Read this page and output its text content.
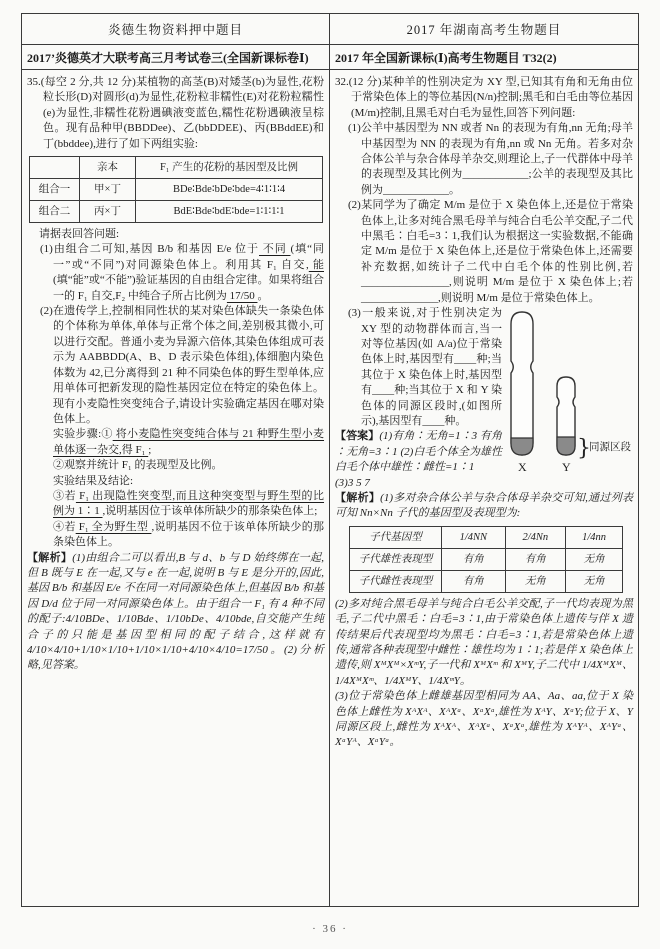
炎德生物资料押中题目	2017 年湖南高考生物题目
2017’炎德英才大联考高三月考试卷三(全国新课标卷Ⅰ) 2017 年全国新课标(Ⅰ)高考生物题目 T32(2)
35.(每空 2 分,共 12 分)某植物的高茎(B)对矮茎(b)为显性,花粉粒长形(D)对圆形(d)为显性,花粉粒非糯性(E)对花粉粒糯性(e)为显性,非糯性花粉遇碘液变蓝色,糯性花粉遇碘液呈棕色。现有品种甲(BBDDee)、乙(bbDDEE)、丙(BBddEE)和丁(bbddee),进行了如下两组实验:
	亲本	F₁ 产生的花粉的基因型及比例
组合一	甲×丁	BDe∶Bde∶bDe∶bde=4∶1∶1∶4
组合二	丙×丁	BdE∶Bde∶bdE∶bde=1∶1∶1∶1
请据表回答问题:
(1)由组合二可知,基因 B/b 和基因 E/e 位于 不同 (填“同一”或“不同”)对同源染色体上。利用其 F₁ 自交, 能 (填“能”或“不能”)验证基因的自由组合定律。如果将组合一的 F₁ 自交,F₂ 中纯合子所占比例为 17/50 。
(2)在遗传学上,控制相同性状的某对染色体缺失一条染色体的个体称为单体,单体与正常个体之间,差别极其微小,可以进行交配。普通小麦为异源六倍体,其染色体组成可表示为 AABBDD(A、B、D 表示染色体组),体细胞内染色体数为 42,已分离得到 21 种不同染色体的野生型单体,应用单体可把新发现的隐性基因定位在特定的染色体上。现有小麦隐性突变纯合子,请设计实验确定基因在哪对染色体上。
实验步骤:① 将小麦隐性突变纯合体与 21 种野生型小麦单体逐一杂交,得 F₁ ;
②观察并统计 F₁ 的表现型及比例。
实验结果及结论:
③若 F₁ 出现隐性突变型,而且这种突变型与野生型的比例为 1∶1 ,说明基因位于该单体所缺少的那条染色体上;
④若 F₁ 全为野生型 ,说明基因不位于该单体所缺少的那条染色体上。
【解析】(1)由组合二可以看出,B 与 d、b 与 D 始终绑在一起,但 B 既与 E 在一起,又与 e 在一起,说明 B 与 E 是分开的,因此,基因 B/b 和基因 E/e 不在同一对同源染色体上,但基因 B/b 和基因 D/d 位于同一对同源染色体上。由于组合一 F₁ 有 4 种不同的配子:4/10BDe、1/10Bde、1/10bDe、4/10bde,自交能产生纯合子的只能是基因型相同的配子结合,这样就有 4/10×4/10+1/10×1/10+1/10×1/10+4/10×4/10=17/50。(2)分析略,见答案。
32.(12 分)某种羊的性别决定为 XY 型,已知其有角和无角由位于常染色体上的等位基因(N/n)控制;黑毛和白毛由等位基因(M/m)控制,且黑毛对白毛为显性,回答下列问题:
(1)公羊中基因型为 NN 或者 Nn 的表现为有角,nn 无角;母羊中基因型为 NN 的表现为有角,nn 或 Nn 无角。若多对杂合体公羊与杂合体母羊杂交,则理论上,子一代群体中母羊的表现型及其比例为____________;公羊的表现型及其比例为____________。
(2)某同学为了确定 M/m 是位于 X 染色体上,还是位于常染色体上,让多对纯合黑毛母羊与纯合白毛公羊交配,子二代中黑毛∶白毛=3∶1,我们认为根据这一实验数据,不能确定 M/m 是位于 X 染色体上,还是位于常染色体上,还需要补充数据,如统计子二代中白毛个体的性别比例,若________________,则说明 M/m 是位于 X 染色体上;若______________,则说明 M/m 是位于常染色体上。
}
同源区段
X	Y
(3)一般来说,对于性别决定为 XY 型的动物群体而言,当一对等位基因(如 A/a)位于常染色体上时,基因型有____种;当其位于 X 染色体上时,基因型有____种;当其位于 X 和 Y 染色体的同源区段时,(如图所示),基因型有____种。
【答案】(1)有角∶无角=1∶3 有角∶无角=3∶1 (2)白毛个体全为雄性 白毛个体中雄性∶雌性=1∶1
(3)3 5 7
【解析】(1)多对杂合体公羊与杂合体母羊杂交可知,通过列表可知 Nn×Nn 子代的基因型及表现型为:
子代基因型	1/4NN	2/4Nn	1/4nn
子代雄性表现型	有角	有角	无角
子代雌性表现型	有角	无角	无角
(2)多对纯合黑毛母羊与纯合白毛公羊交配,子一代均表现为黑毛,子二代中黑毛∶白毛=3∶1,由于常染色体上遗传与伴 X 遗传结果后代表现型均为黑毛∶白毛=3∶1,若是常染色体上遗传,通常各种表现型中雌性∶雄性均为 1∶1;若是伴 X 染色体上遗传,则 XᴹXᴹ×XᵐY,子一代和 XᴹXᵐ 和 XᴹY,子二代中 1/4XᴹXᴹ、1/4XᴹXᵐ、1/4XᴹY、1/4XᵐY。
(3)位于常染色体上雌雄基因型相同为 AA、Aa、aa,位于 X 染色体上雌性为 XᴬXᴬ、XᴬXᵃ、XᵃXᵃ,雄性为 XᴬY、XᵃY;位于 X、Y 同源区段上,雌性为 XᴬXᴬ、XᴬXᵃ、XᵃXᵃ,雄性为 XᴬYᴬ、XᴬYᵃ、XᵃYᴬ、XᵃYᵃ。
· 36 ·
